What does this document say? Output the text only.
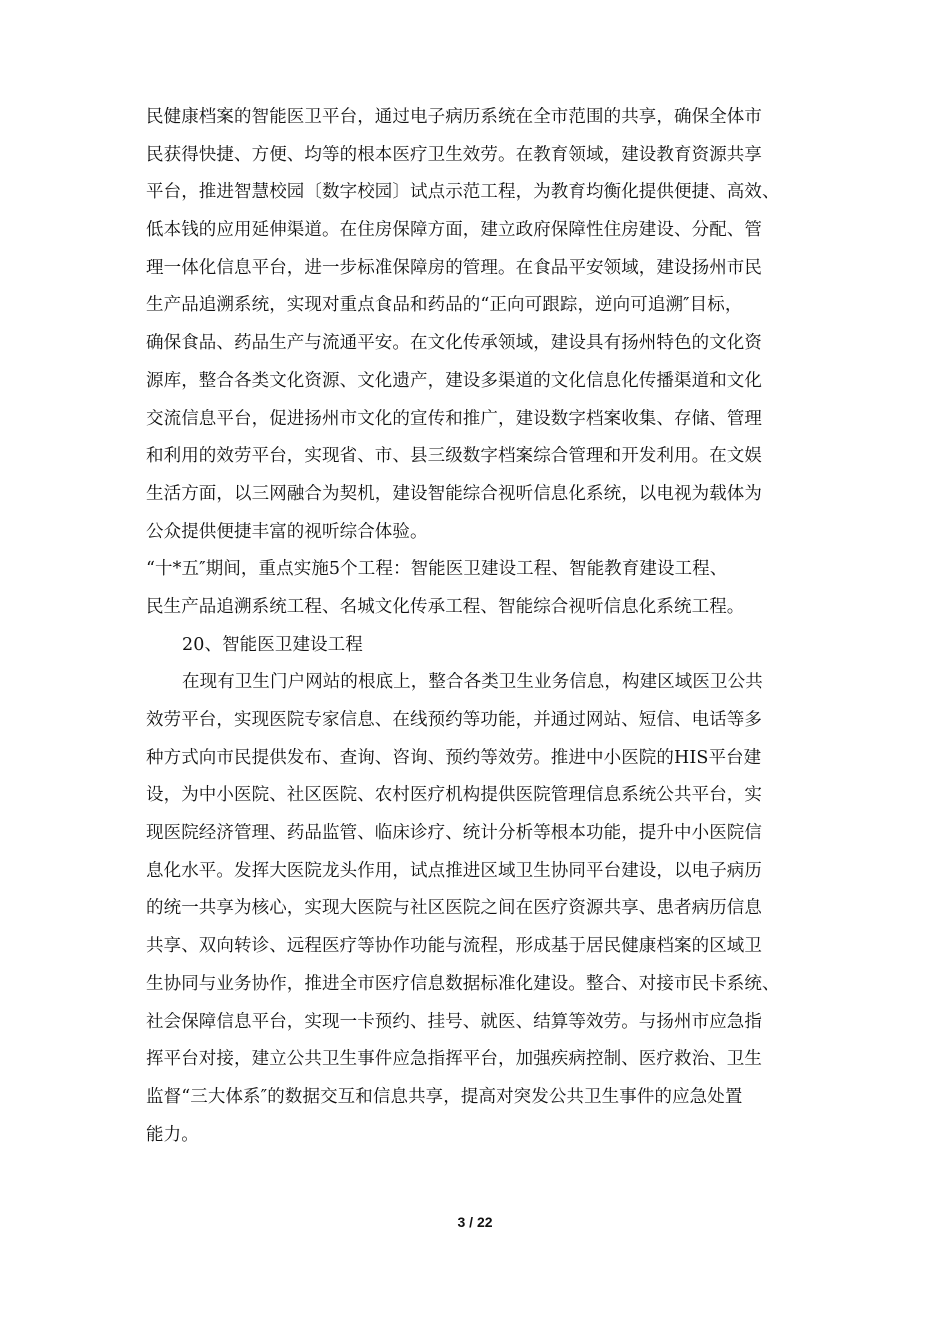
民健康档案的智能医卫平台，通过电子病历系统在全市范围的共享，确保全体市
民获得快捷、方便、均等的根本医疗卫生效劳。在教育领域，建设教育资源共享
平台，推进智慧校园〔数字校园〕试点示范工程，为教育均衡化提供便捷、高效、
低本钱的应用延伸渠道。在住房保障方面，建立政府保障性住房建设、分配、管
理一体化信息平台，进一步标准保障房的管理。在食品平安领域，建设扬州市民
生产品追溯系统，实现对重点食品和药品的“正向可跟踪，逆向可追溯″目标，
确保食品、药品生产与流通平安。在文化传承领域，建设具有扬州特色的文化资
源库，整合各类文化资源、文化遗产，建设多渠道的文化信息化传播渠道和文化
交流信息平台，促进扬州市文化的宣传和推广，建设数字档案收集、存储、管理
和利用的效劳平台，实现省、市、县三级数字档案综合管理和开发利用。在文娱
生活方面，以三网融合为契机，建设智能综合视听信息化系统，以电视为载体为
公众提供便捷丰富的视听综合体验。
“十*五″期间，重点实施5个工程：智能医卫建设工程、智能教育建设工程、
民生产品追溯系统工程、名城文化传承工程、智能综合视听信息化系统工程。
20、智能医卫建设工程
在现有卫生门户网站的根底上，整合各类卫生业务信息，构建区域医卫公共
效劳平台，实现医院专家信息、在线预约等功能，并通过网站、短信、电话等多
种方式向市民提供发布、查询、咨询、预约等效劳。推进中小医院的HIS平台建
设，为中小医院、社区医院、农村医疗机构提供医院管理信息系统公共平台，实
现医院经济管理、药品监管、临床诊疗、统计分析等根本功能，提升中小医院信
息化水平。发挥大医院龙头作用，试点推进区域卫生协同平台建设，以电子病历
的统一共享为核心，实现大医院与社区医院之间在医疗资源共享、患者病历信息
共享、双向转诊、远程医疗等协作功能与流程，形成基于居民健康档案的区域卫
生协同与业务协作，推进全市医疗信息数据标准化建设。整合、对接市民卡系统、
社会保障信息平台，实现一卡预约、挂号、就医、结算等效劳。与扬州市应急指
挥平台对接，建立公共卫生事件应急指挥平台，加强疾病控制、医疗救治、卫生
监督“三大体系″的数据交互和信息共享，提高对突发公共卫生事件的应急处置
能力。
3 / 22
